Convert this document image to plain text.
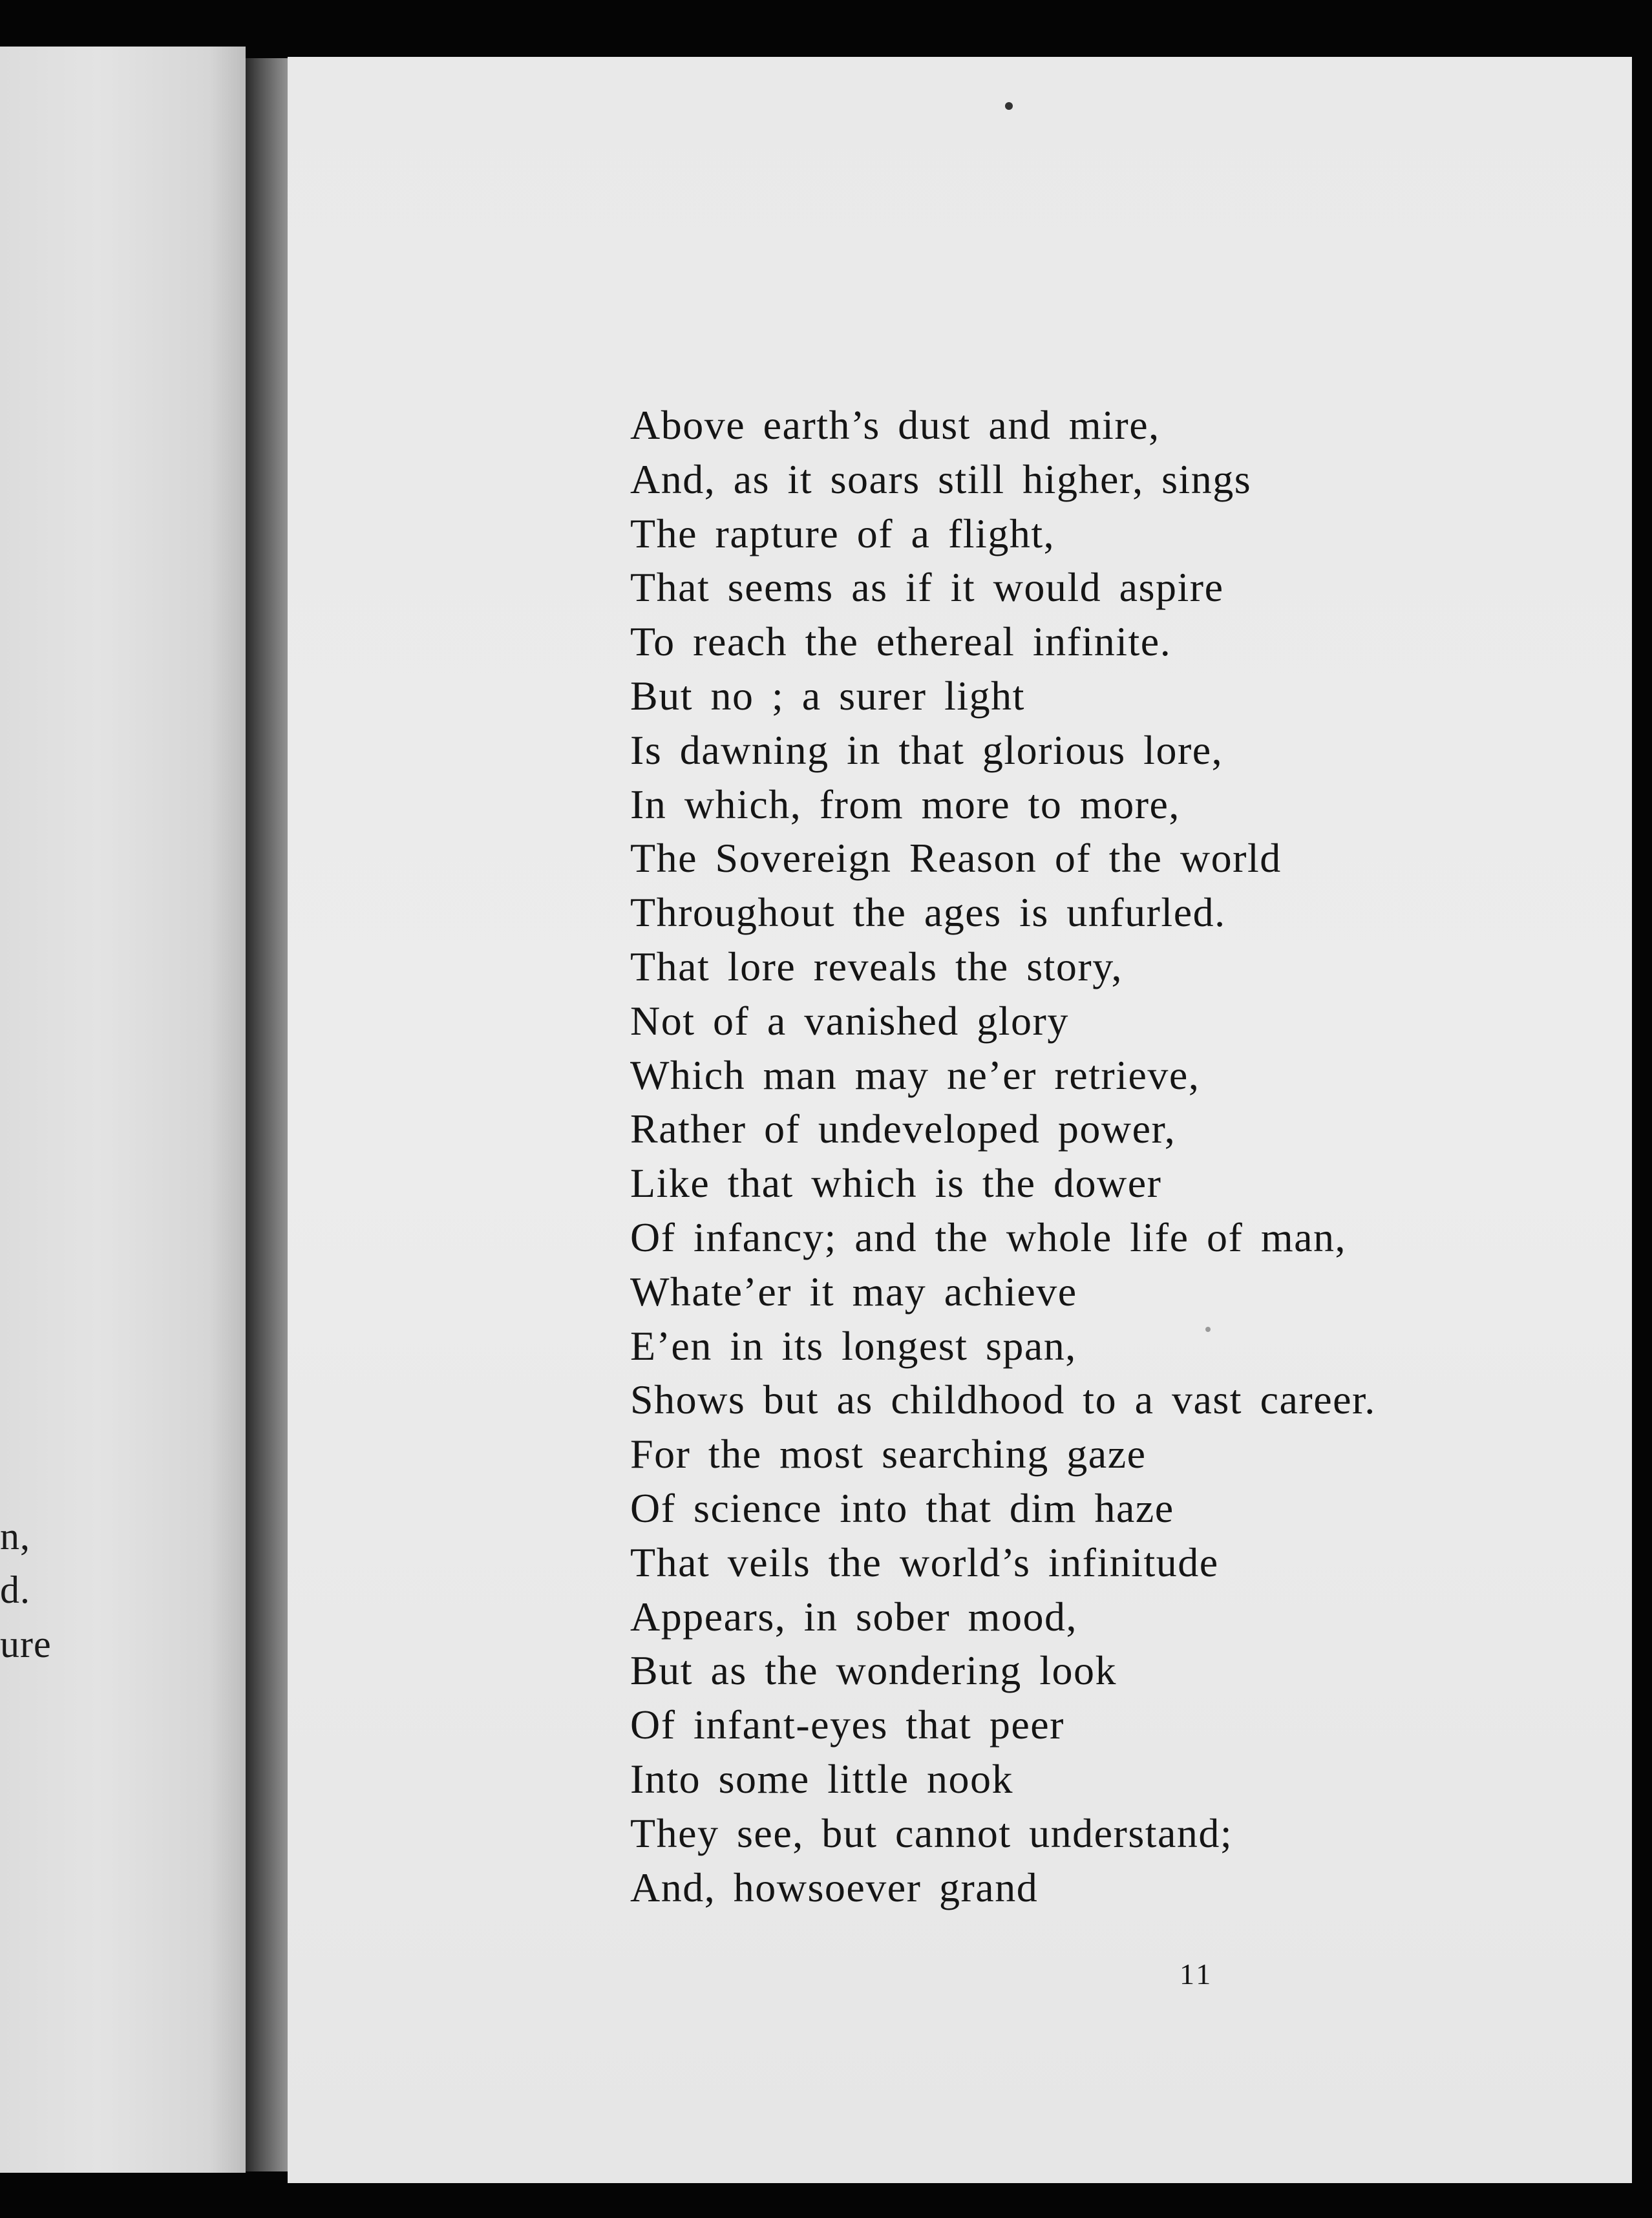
n,
d.
ure
Above earth’s dust and mire,
And, as it soars still higher, sings
The rapture of a flight,
That seems as if it would aspire
To reach the ethereal infinite.
But no ; a surer light
Is dawning in that glorious lore,
In which, from more to more,
The Sovereign Reason of the world
Throughout the ages is unfurled.
That lore reveals the story,
Not of a vanished glory
Which man may ne’er retrieve,
Rather of undeveloped power,
Like that which is the dower
Of infancy; and the whole life of man,
Whate’er it may achieve
E’en in its longest span,
Shows but as childhood to a vast career.
For the most searching gaze
Of science into that dim haze
That veils the world’s infinitude
Appears, in sober mood,
But as the wondering look
Of infant-eyes that peer
Into some little nook
They see, but cannot understand;
And, howsoever grand
11
